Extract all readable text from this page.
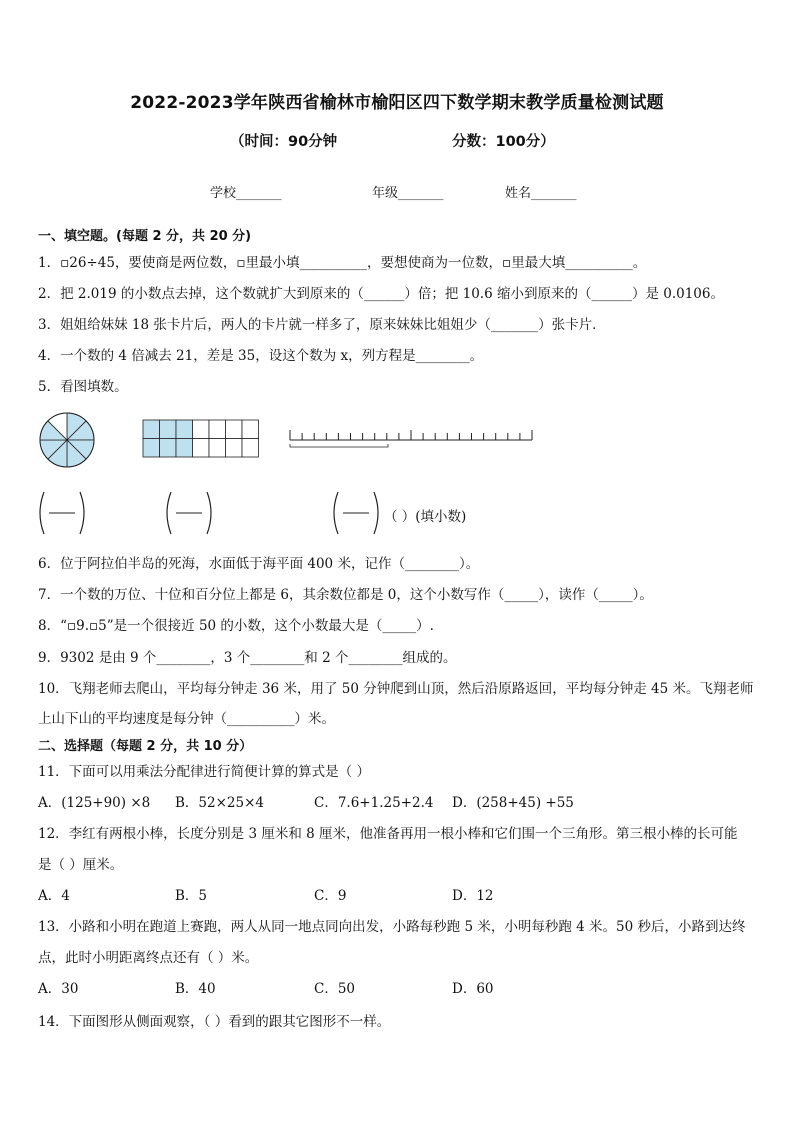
2022-2023学年陕西省榆林市榆阳区四下数学期末教学质量检测试题
（时间：90分钟	分数：100分）
学校_______	年级_______	姓名_______
一、填空题。(每题 2 分，共 20 分)
1．▫26÷45，要使商是两位数，▫里最小填__________，要想使商为一位数，▫里最大填__________。
2．把 2.019 的小数点去掉，这个数就扩大到原来的（______）倍；把 10.6 缩小到原来的（______）是 0.0106。
3．姐姐给妹妹 18 张卡片后，两人的卡片就一样多了，原来妹妹比姐姐少（_______）张卡片．
4．一个数的 4 倍减去 21，差是 35，设这个数为 x，列方程是________。
5．看图填数。
（ ）(填小数)
6．位于阿拉伯半岛的死海，水面低于海平面 400 米，记作（________）。
7．一个数的万位、十位和百分位上都是 6，其余数位都是 0，这个小数写作（_____），读作（_____）。
8．“▫9.▫5”是一个很接近 50 的小数，这个小数最大是（_____）.
9．9302 是由 9 个________，3 个________和 2 个________组成的。
10．飞翔老师去爬山，平均每分钟走 36 米，用了 50 分钟爬到山顶，然后沿原路返回，平均每分钟走 45 米。飞翔老师
上山下山的平均速度是每分钟（__________）米。
二、选择题（每题 2 分，共 10 分）
11．下面可以用乘法分配律进行简便计算的算式是（ ）
A．(125+90) ×8 B．52×25×4	C．7.6+1.25+2.4 D．(258+45) +55
12．李红有两根小棒，长度分别是 3 厘米和 8 厘米，他准备再用一根小棒和它们围一个三角形。第三根小棒的长可能
是（ ）厘米。
A．4	B．5	C．9	D．12
13．小路和小明在跑道上赛跑，两人从同一地点同向出发，小路每秒跑 5 米，小明每秒跑 4 米。50 秒后，小路到达终
点，此时小明距离终点还有（ ）米。
A．30	B．40	C．50	D．60
14．下面图形从侧面观察，（ ）看到的跟其它图形不一样。
